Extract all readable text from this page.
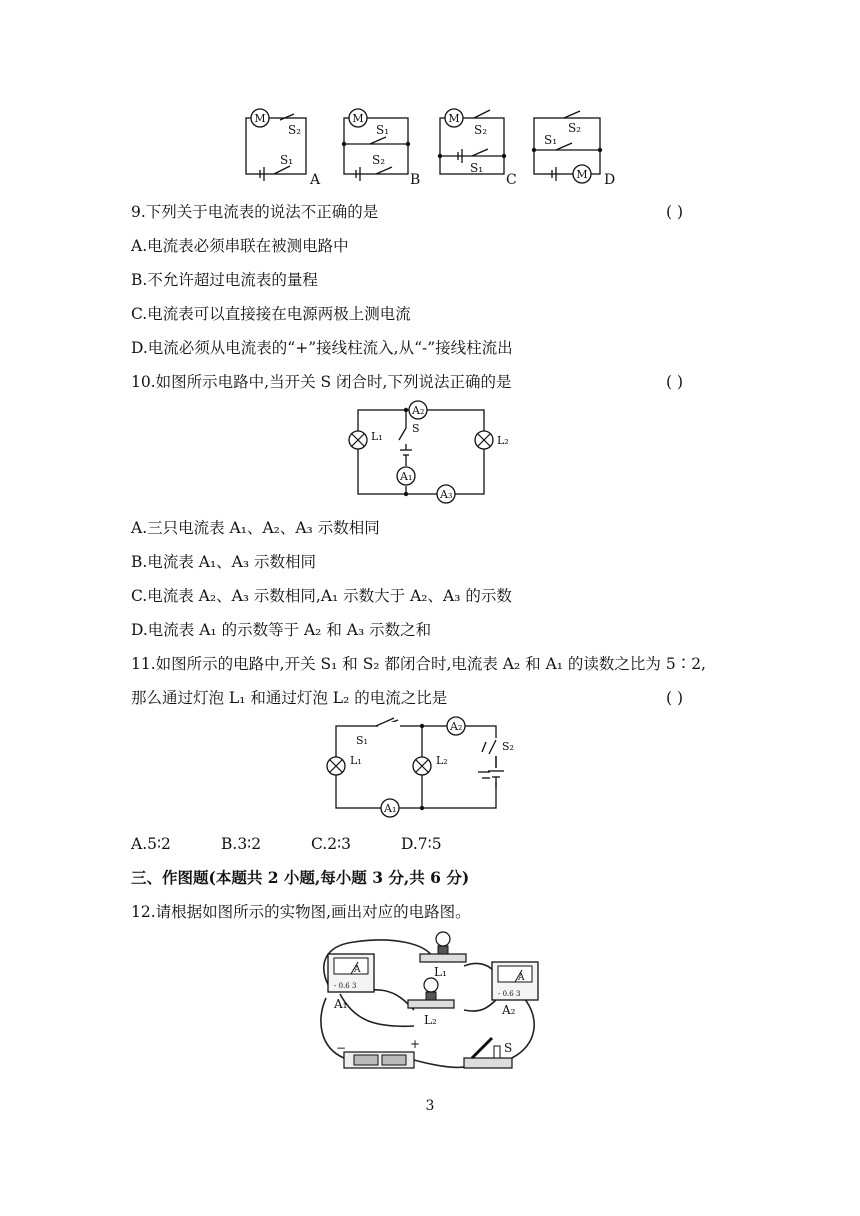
M	M	M
M
S₂
S₁
A
S₁
S₂
B
S₂
S₁
C
S₂
S₁
D
9.下列关于电流表的说法不正确的是	( )
A.电流表必须串联在被测电路中
B.不允许超过电流表的量程
C.电流表可以直接接在电源两极上测电流
D.电流必须从电流表的“+”接线柱流入,从“-”接线柱流出
10.如图所示电路中,当开关 S 闭合时,下列说法正确的是	( )
L₁	L₂
S
A₂
A₁
A₃
A.三只电流表 A₁、A₂、A₃ 示数相同
B.电流表 A₁、A₃ 示数相同
C.电流表 A₂、A₃ 示数相同,A₁ 示数大于 A₂、A₃ 的示数
D.电流表 A₁ 的示数等于 A₂ 和 A₃ 示数之和
11.如图所示的电路中,开关 S₁ 和 S₂ 都闭合时,电流表 A₂ 和 A₁ 的读数之比为 5∶2,
那么通过灯泡 L₁ 和通过灯泡 L₂ 的电流之比是	( )
S₁	S₂
L₁	L₂
A₂
A₁
A.5∶2	B.3∶2	C.2∶3	D.7∶5
三、作图题(本题共 2 小题,每小题 3 分,共 6 分)
12.请根据如图所示的实物图,画出对应的电路图。
A
- 0.6 3
A
- 0.6 3
L₁
L₂
A₁	A₂
S
−	+
3
